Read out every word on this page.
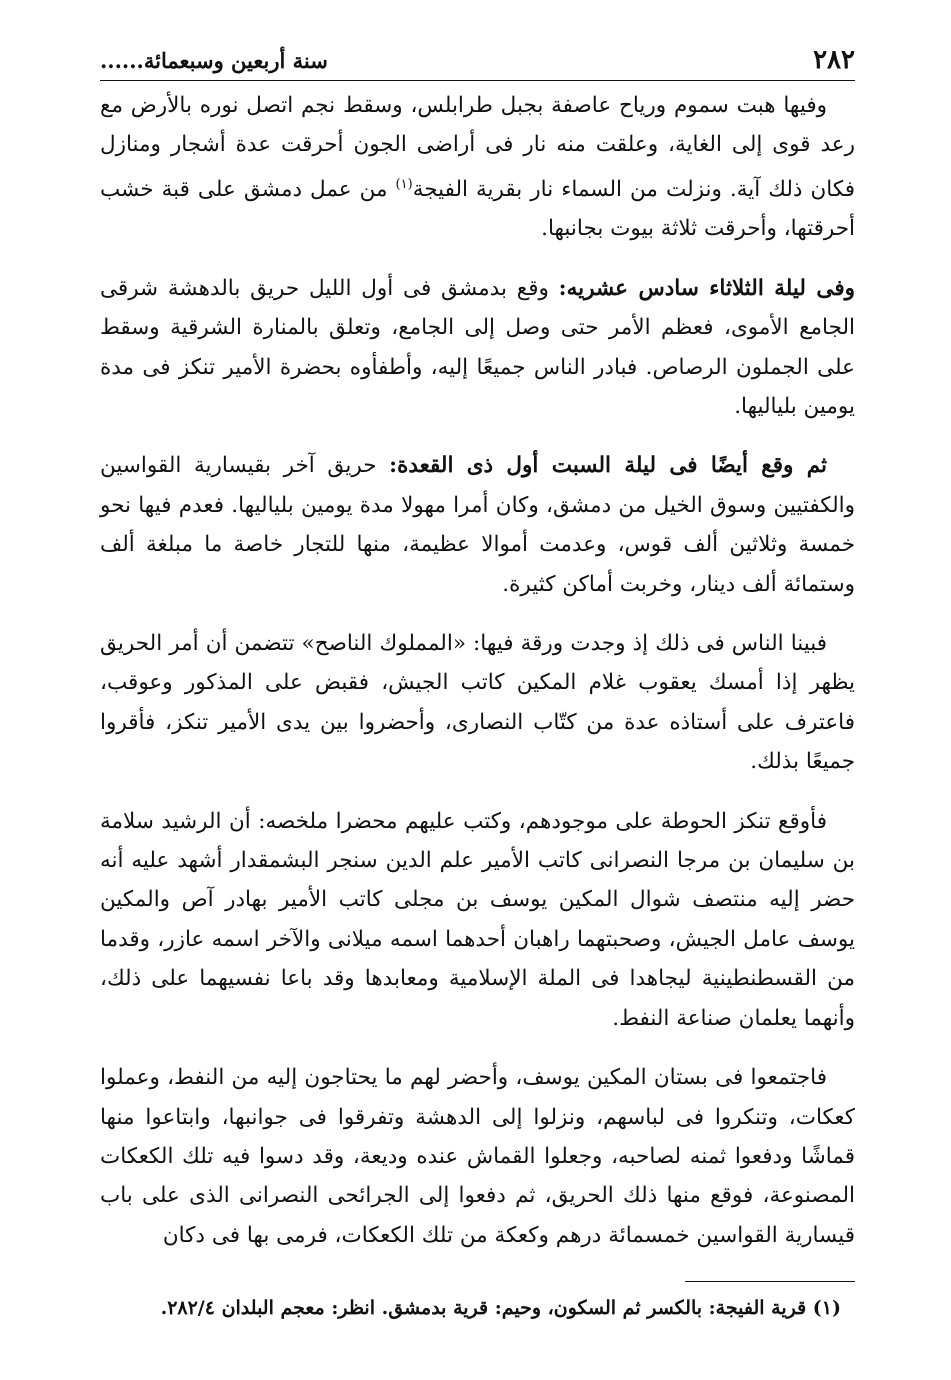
٢٨٢
سنة أربعين وسبعمائة......

وفيها هبت سموم ورياح عاصفة بجبل طرابلس، وسقط نجم اتصل نوره بالأرض مع رعد قوى إلى الغاية، وعلقت منه نار فى أراضى الجون أحرقت عدة أشجار ومنازل فكان ذلك آية. ونزلت من السماء نار بقرية الفيجة$^{(١)}$ من عمل دمشق على قبة خشب أحرقتها، وأحرقت ثلاثة بيوت بجانبها.

وفى ليلة الثلاثاء سادس عشريه: وقع بدمشق فى أول الليل حريق بالدهشة شرقى الجامع الأموى، فعظم الأمر حتى وصل إلى الجامع، وتعلق بالمنارة الشرقية وسقط على الجملون الرصاص. فبادر الناس جميعًا إليه، وأطفأوه بحضرة الأمير تنكز فى مدة يومين بلياليها.

ثم وقع أيضًا فى ليلة السبت أول ذى القعدة: حريق آخر بقيسارية القواسين والكفتيين وسوق الخيل من دمشق، وكان أمرا مهولا مدة يومين بلياليها. فعدم فيها نحو خمسة وثلاثين ألف قوس، وعدمت أموالا عظيمة، منها للتجار خاصة ما مبلغة ألف وستمائة ألف دينار، وخربت أماكن كثيرة.

فبينا الناس فى ذلك إذ وجدت ورقة فيها: «المملوك الناصح» تتضمن أن أمر الحريق يظهر إذا أمسك يعقوب غلام المكين كاتب الجيش، فقبض على المذكور وعوقب، فاعترف على أستاذه عدة من كتّاب النصارى، وأحضروا بين يدى الأمير تنكز، فأقروا جميعًا بذلك.

فأوقع تنكز الحوطة على موجودهم، وكتب عليهم محضرا ملخصه: أن الرشيد سلامة بن سليمان بن مرجا النصرانى كاتب الأمير علم الدين سنجر البشمقدار أشهد عليه أنه حضر إليه منتصف شوال المكين يوسف بن مجلى كاتب الأمير بهادر آص والمكين يوسف عامل الجيش، وصحبتهما راهبان أحدهما اسمه ميلانى والآخر اسمه عازر، وقدما من القسطنطينية ليجاهدا فى الملة الإسلامية ومعابدها وقد باعا نفسيهما على ذلك، وأنهما يعلمان صناعة النفط.

فاجتمعوا فى بستان المكين يوسف، وأحضر لهم ما يحتاجون إليه من النفط، وعملوا كعكات، وتنكروا فى لباسهم، ونزلوا إلى الدهشة وتفرقوا فى جوانبها، وابتاعوا منها قماشًا ودفعوا ثمنه لصاحبه، وجعلوا القماش عنده وديعة، وقد دسوا فيه تلك الكعكات المصنوعة، فوقع منها ذلك الحريق، ثم دفعوا إلى الجرائحى النصرانى الذى على باب قيسارية القواسين خمسمائة درهم وكعكة من تلك الكعكات، فرمى بها فى دكان

(١) قرية الفيجة: بالكسر ثم السكون، وحيم: قرية بدمشق. انظر: معجم البلدان ٢٨٢/٤.
